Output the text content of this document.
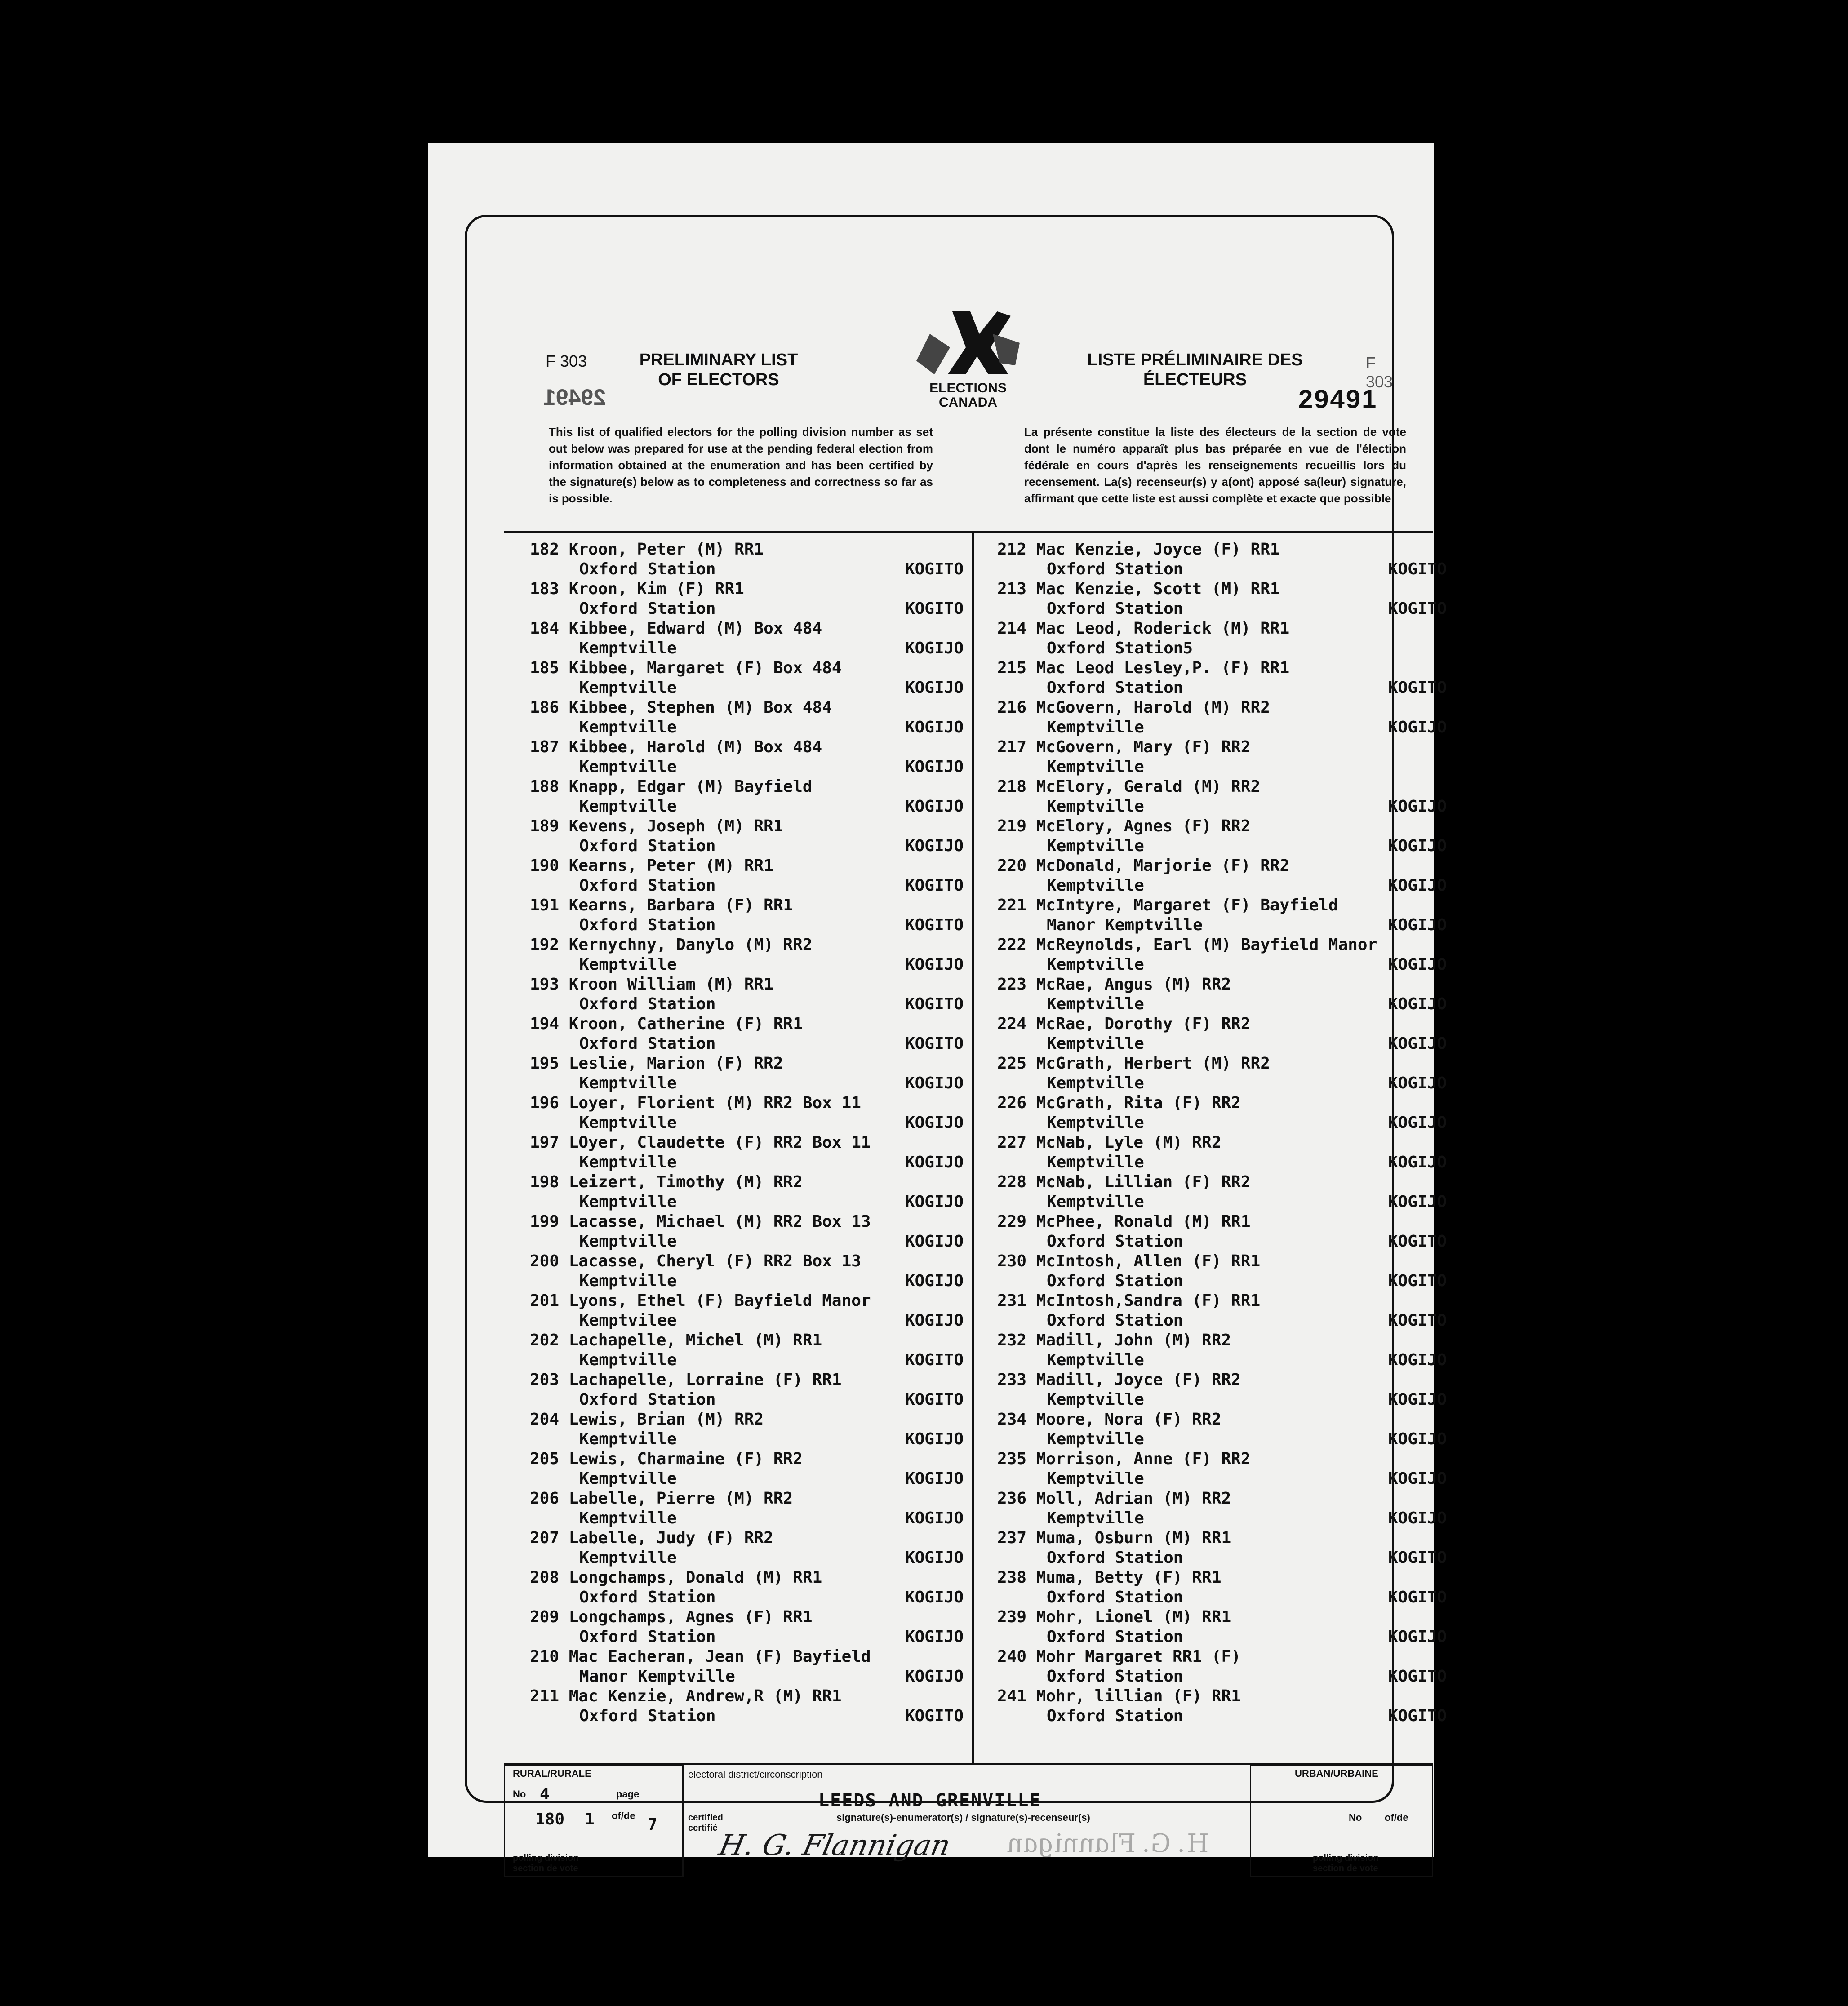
F 303	F 303
PRELIMINARY LIST OF ELECTORS
LISTE PRÉLIMINAIRE DES ÉLECTEURS
29491
29491	ELECTIONS
CANADA
This list of qualified electors for the polling division number as set out below was prepared for use at the pending federal election from information obtained at the enumeration and has been certified by the signature(s) below as to completeness and correctness so far as is possible.
La présente constitue la liste des électeurs de la section de vote dont le numéro apparaît plus bas préparée en vue de l'élection fédérale en cours d'après les renseignements recueillis lors du recensement. La(s) recenseur(s) y a(ont) apposé sa(leur) signature, affirmant que cette liste est aussi complète et exacte que possible.
182 Kroon, Peter (M) RR1
Oxford Station	KOGITO
183 Kroon, Kim (F) RR1
Oxford Station	KOGITO
184 Kibbee, Edward (M) Box 484
Kemptville	KOGIJO
185 Kibbee, Margaret (F) Box 484
Kemptville	KOGIJO
186 Kibbee, Stephen (M) Box 484
Kemptville	KOGIJO
187 Kibbee, Harold (M) Box 484
Kemptville	KOGIJO
188 Knapp, Edgar (M) Bayfield
Kemptville	KOGIJO
189 Kevens, Joseph (M) RR1
Oxford Station	KOGIJO
190 Kearns, Peter (M) RR1
Oxford Station	KOGITO
191 Kearns, Barbara (F) RR1
Oxford Station	KOGITO
192 Kernychny, Danylo (M) RR2
Kemptville	KOGIJO
193 Kroon William (M) RR1
Oxford Station	KOGITO
194 Kroon, Catherine (F) RR1
Oxford Station	KOGITO
195 Leslie, Marion (F) RR2
Kemptville	KOGIJO
196 Loyer, Florient (M) RR2 Box 11
Kemptville	KOGIJO
197 LOyer, Claudette (F) RR2 Box 11
Kemptville	KOGIJO
198 Leizert, Timothy (M) RR2
Kemptville	KOGIJO
199 Lacasse, Michael (M) RR2 Box 13
Kemptville	KOGIJO
200 Lacasse, Cheryl (F) RR2 Box 13
Kemptville	KOGIJO
201 Lyons, Ethel (F) Bayfield Manor
Kemptvilee	KOGIJO
202 Lachapelle, Michel (M) RR1
Kemptville	KOGITO
203 Lachapelle, Lorraine (F) RR1
Oxford Station	KOGITO
204 Lewis, Brian (M) RR2
Kemptville	KOGIJO
205 Lewis, Charmaine (F) RR2
Kemptville	KOGIJO
206 Labelle, Pierre (M) RR2
Kemptville	KOGIJO
207 Labelle, Judy (F) RR2
Kemptville	KOGIJO
208 Longchamps, Donald (M) RR1
Oxford Station	KOGIJO
209 Longchamps, Agnes (F) RR1
Oxford Station	KOGIJO
210 Mac Eacheran, Jean (F) Bayfield
Manor Kemptville	KOGIJO
211 Mac Kenzie, Andrew,R (M) RR1
Oxford Station	KOGITO
212 Mac Kenzie, Joyce (F) RR1
Oxford Station	KOGITO
213 Mac Kenzie, Scott (M) RR1
Oxford Station	KOGITO
214 Mac Leod, Roderick (M) RR1
Oxford Station5
215 Mac Leod Lesley,P. (F) RR1
Oxford Station	KOGITO
216 McGovern, Harold (M) RR2
Kemptville	KOGIJO
217 McGovern, Mary (F) RR2
Kemptville
218 McElory, Gerald (M) RR2
Kemptville	KOGIJO
219 McElory, Agnes (F) RR2
Kemptville	KOGIJO
220 McDonald, Marjorie (F) RR2
Kemptville	KOGIJO
221 McIntyre, Margaret (F) Bayfield
Manor Kemptville	KOGIJO
222 McReynolds, Earl (M) Bayfield Manor
Kemptville	KOGIJO
223 McRae, Angus (M) RR2
Kemptville	KOGIJO
224 McRae, Dorothy (F) RR2
Kemptville	KOGIJO
225 McGrath, Herbert (M) RR2
Kemptville	KOGIJO
226 McGrath, Rita (F) RR2
Kemptville	KOGIJO
227 McNab, Lyle (M) RR2
Kemptville	KOGIJO
228 McNab, Lillian (F) RR2
Kemptville	KOGIJO
229 McPhee, Ronald (M) RR1
Oxford Station	KOGITO
230 McIntosh, Allen (F) RR1
Oxford Station	KOGITO
231 McIntosh,Sandra (F) RR1
Oxford Station	KOGITO
232 Madill, John (M) RR2
Kemptville	KOGIJO
233 Madill, Joyce (F) RR2
Kemptville	KOGIJO
234 Moore, Nora (F) RR2
Kemptville	KOGIJO
235 Morrison, Anne (F) RR2
Kemptville	KOGIJO
236 Moll, Adrian (M) RR2
Kemptville	KOGIJO
237 Muma, Osburn (M) RR1
Oxford Station	KOGITO
238 Muma, Betty (F) RR1
Oxford Station	KOGITO
239 Mohr, Lionel (M) RR1
Oxford Station	KOGIJO
240 Mohr Margaret RR1 (F)
Oxford Station	KOGITO
241 Mohr, lillian (F) RR1
Oxford Station	KOGITO
RURAL/RURALE
No 4	page
180 1 of/de 7
polling division section de vote
electoral district/circonscription
LEEDS AND GRENVILLE
certified certifié
signature(s)-enumerator(s) / signature(s)-recenseur(s)
H. G. Flannigan H. G. Flannigan
URBAN/URBAINE
No of/de
polling division section de vote
